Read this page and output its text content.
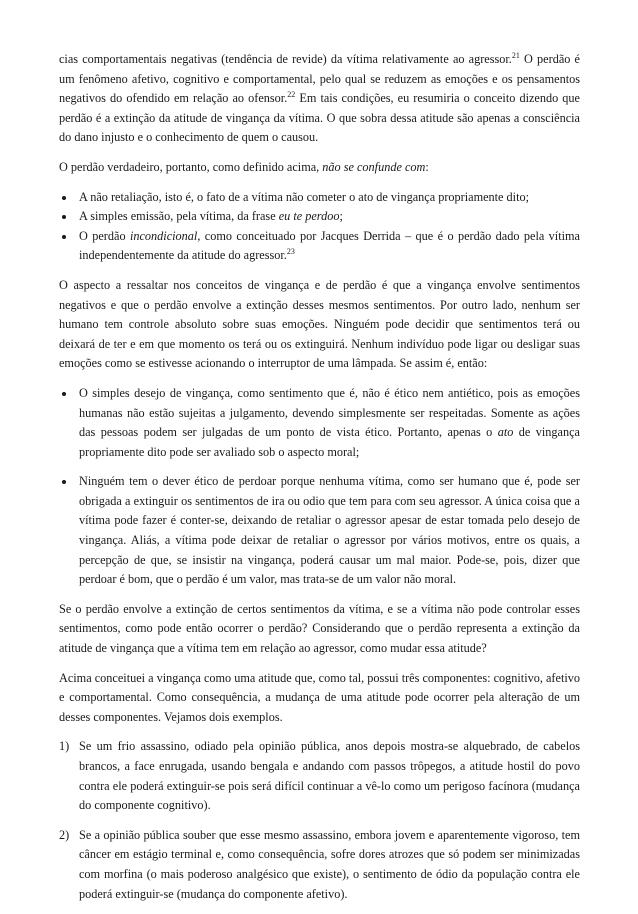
cias comportamentais negativas (tendência de revide) da vítima relativamente ao agressor.$^{21}$ O perdão é um fenômeno afetivo, cognitivo e comportamental, pelo qual se reduzem as emoções e os pensamentos negativos do ofendido em relação ao ofensor.$^{22}$ Em tais condições, eu resumiria o conceito dizendo que perdão é a extinção da atitude de vingança da vítima. O que sobra dessa atitude são apenas a consciência do dano injusto e o conhecimento de quem o causou.

O perdão verdadeiro, portanto, como definido acima, não se confunde com:

A não retaliação, isto é, o fato de a vítima não cometer o ato de vingança propriamente dito;
A simples emissão, pela vítima, da frase eu te perdoo;
O perdão incondicional, como conceituado por Jacques Derrida – que é o perdão dado pela vítima independentemente da atitude do agressor.$^{23}$

O aspecto a ressaltar nos conceitos de vingança e de perdão é que a vingança envolve sentimentos negativos e que o perdão envolve a extinção desses mesmos sentimentos. Por outro lado, nenhum ser humano tem controle absoluto sobre suas emoções. Ninguém pode decidir que sentimentos terá ou deixará de ter e em que momento os terá ou os extinguirá. Nenhum indivíduo pode ligar ou desligar suas emoções como se estivesse acionando o interruptor de uma lâmpada. Se assim é, então:

O simples desejo de vingança, como sentimento que é, não é ético nem antiético, pois as emoções humanas não estão sujeitas a julgamento, devendo simplesmente ser respeitadas. Somente as ações das pessoas podem ser julgadas de um ponto de vista ético. Portanto, apenas o ato de vingança propriamente dito pode ser avaliado sob o aspecto moral;
Ninguém tem o dever ético de perdoar porque nenhuma vítima, como ser humano que é, pode ser obrigada a extinguir os sentimentos de ira ou odio que tem para com seu agressor. A única coisa que a vítima pode fazer é conter-se, deixando de retaliar o agressor apesar de estar tomada pelo desejo de vingança. Aliás, a vítima pode deixar de retaliar o agressor por vários motivos, entre os quais, a percepção de que, se insistir na vingança, poderá causar um mal maior. Pode-se, pois, dizer que perdoar é bom, que o perdão é um valor, mas trata-se de um valor não moral.

Se o perdão envolve a extinção de certos sentimentos da vítima, e se a vítima não pode controlar esses sentimentos, como pode então ocorrer o perdão? Considerando que o perdão representa a extinção da atitude de vingança que a vítima tem em relação ao agressor, como mudar essa atitude?

Acima conceituei a vingança como uma atitude que, como tal, possui três componentes: cognitivo, afetivo e comportamental. Como consequência, a mudança de uma atitude pode ocorrer pela alteração de um desses componentes. Vejamos dois exemplos.

1) Se um frio assassino, odiado pela opinião pública, anos depois mostra-se alquebrado, de cabelos brancos, a face enrugada, usando bengala e andando com passos trôpegos, a atitude hostil do povo contra ele poderá extinguir-se pois será difícil continuar a vê-lo como um perigoso facínora (mudança do componente cognitivo).
2) Se a opinião pública souber que esse mesmo assassino, embora jovem e aparentemente vigoroso, tem câncer em estágio terminal e, como consequência, sofre dores atrozes que só podem ser minimizadas com morfina (o mais poderoso analgésico que existe), o sentimento de ódio da população contra ele poderá extinguir-se (mudança do componente afetivo).
